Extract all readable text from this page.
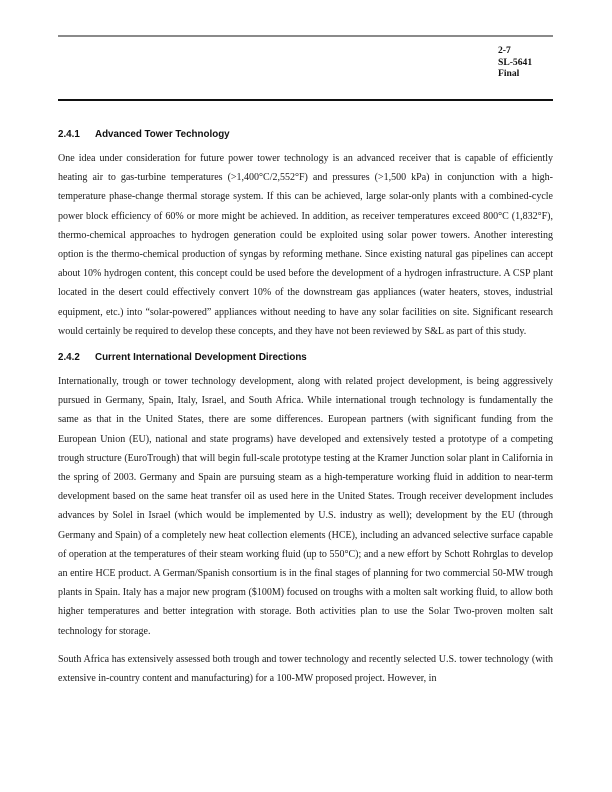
2-7
SL-5641
Final
2.4.1	Advanced Tower Technology

One idea under consideration for future power tower technology is an advanced receiver that is capable of efficiently heating air to gas-turbine temperatures (>1,400°C/2,552°F) and pressures (>1,500 kPa) in conjunction with a high-temperature phase-change thermal storage system. If this can be achieved, large solar-only plants with a combined-cycle power block efficiency of 60% or more might be achieved. In addition, as receiver temperatures exceed 800°C (1,832°F), thermo-chemical approaches to hydrogen generation could be exploited using solar power towers. Another interesting option is the thermo-chemical production of syngas by reforming methane. Since existing natural gas pipelines can accept about 10% hydrogen content, this concept could be used before the development of a hydrogen infrastructure. A CSP plant located in the desert could effectively convert 10% of the downstream gas appliances (water heaters, stoves, industrial equipment, etc.) into “solar-powered” appliances without needing to have any solar facilities on site. Significant research would certainly be required to develop these concepts, and they have not been reviewed by S&L as part of this study.

2.4.2	Current International Development Directions

Internationally, trough or tower technology development, along with related project development, is being aggressively pursued in Germany, Spain, Italy, Israel, and South Africa. While international trough technology is fundamentally the same as that in the United States, there are some differences. European partners (with significant funding from the European Union (EU), national and state programs) have developed and extensively tested a prototype of a competing trough structure (EuroTrough) that will begin full-scale prototype testing at the Kramer Junction solar plant in California in the spring of 2003. Germany and Spain are pursuing steam as a high-temperature working fluid in addition to near-term development based on the same heat transfer oil as used here in the United States. Trough receiver development includes advances by Solel in Israel (which would be implemented by U.S. industry as well); development by the EU (through Germany and Spain) of a completely new heat collection elements (HCE), including an advanced selective surface capable of operation at the temperatures of their steam working fluid (up to 550°C); and a new effort by Schott Rohrglas to develop an entire HCE product. A German/Spanish consortium is in the final stages of planning for two commercial 50-MW trough plants in Spain. Italy has a major new program ($100M) focused on troughs with a molten salt working fluid, to allow both higher temperatures and better integration with storage. Both activities plan to use the Solar Two-proven molten salt technology for storage.

South Africa has extensively assessed both trough and tower technology and recently selected U.S. tower technology (with extensive in-country content and manufacturing) for a 100-MW proposed project. However, in
